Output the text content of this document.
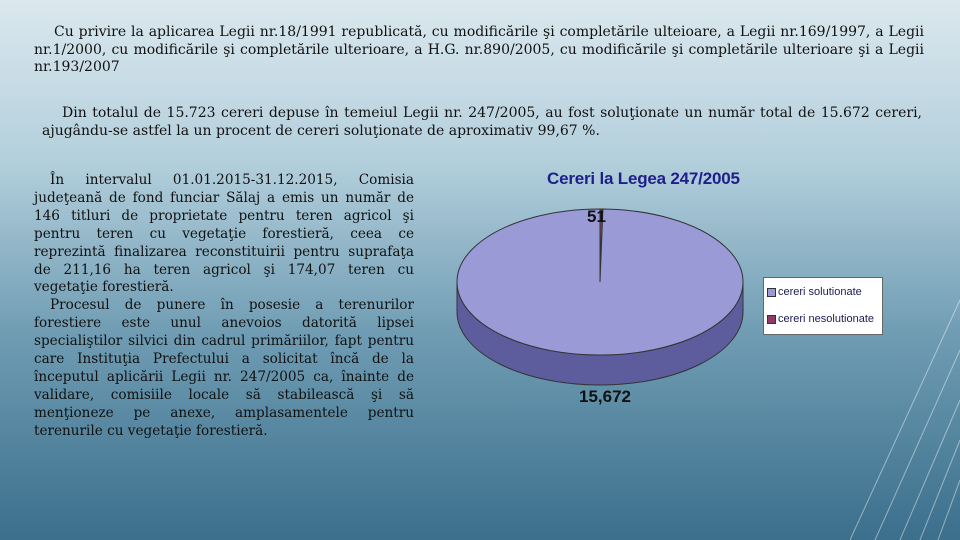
Cu privire la aplicarea Legii nr.18/1991 republicată, cu modificările şi completările ulteioare, a Legii nr.169/1997, a Legii nr.1/2000, cu modificările şi completările ulterioare, a H.G. nr.890/2005, cu modificările şi completările ulterioare şi a Legii nr.193/2007

Din totalul de 15.723 cereri depuse în temeiul Legii nr. 247/2005, au fost soluţionate un număr total de 15.672 cereri, ajugându-se astfel la un procent de cereri soluţionate de aproximativ 99,67 %.

În intervalul 01.01.2015-31.12.2015, Comisia judeţeană de fond funciar Sălaj a emis un număr de 146 titluri de proprietate pentru teren agricol şi pentru teren cu vegetaţie forestieră, ceea ce reprezintă finalizarea reconstituirii pentru suprafaţa de 211,16 ha teren agricol şi 174,07 teren cu vegetaţie forestieră.
Procesul de punere în posesie a terenurilor forestiere este unul anevoios datorită lipsei specialiştilor silvici din cadrul primăriilor, fapt pentru care Instituţia Prefectului a solicitat încă de la începutul aplicării Legii nr. 247/2005 ca, înainte de validare, comisiile locale să stabilească şi să menţioneze pe anexe, amplasamentele pentru terenurile cu vegetaţie forestieră.
Cereri la Legea 247/2005
51
15,672
cereri solutionate
cereri nesolutionate
